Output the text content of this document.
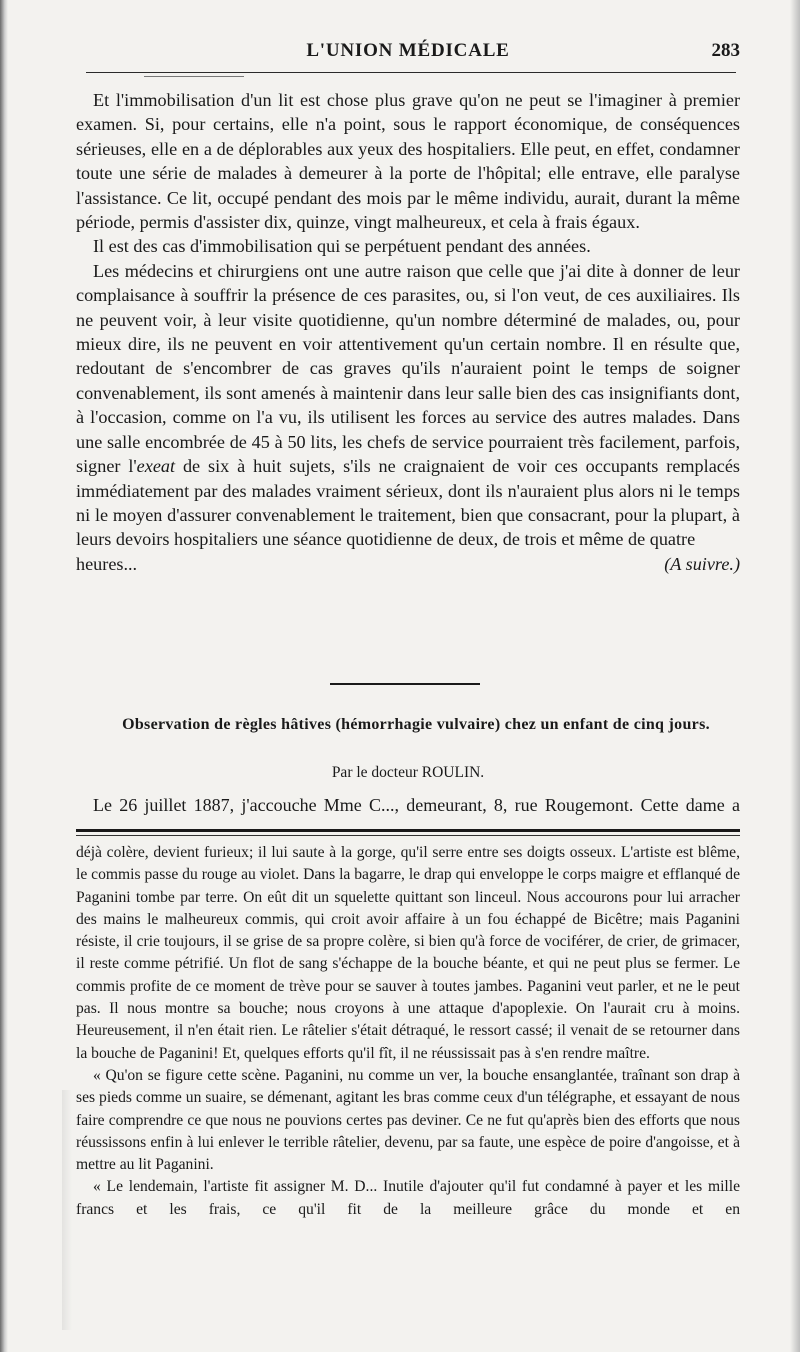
L'UNION MÉDICALE	283

Et l'immobilisation d'un lit est chose plus grave qu'on ne peut se l'imaginer à premier examen. Si, pour certains, elle n'a point, sous le rapport économique, de conséquences sérieuses, elle en a de déplorables aux yeux des hospitaliers. Elle peut, en effet, condamner toute une série de malades à demeurer à la porte de l'hôpital; elle entrave, elle paralyse l'assistance. Ce lit, occupé pendant des mois par le même individu, aurait, durant la même période, permis d'assister dix, quinze, vingt malheureux, et cela à frais égaux.

Il est des cas d'immobilisation qui se perpétuent pendant des années.

Les médecins et chirurgiens ont une autre raison que celle que j'ai dite à donner de leur complaisance à souffrir la présence de ces parasites, ou, si l'on veut, de ces auxiliaires. Ils ne peuvent voir, à leur visite quotidienne, qu'un nombre déterminé de malades, ou, pour mieux dire, ils ne peuvent en voir attentivement qu'un certain nombre. Il en résulte que, redoutant de s'encombrer de cas graves qu'ils n'auraient point le temps de soigner convenablement, ils sont amenés à maintenir dans leur salle bien des cas insignifiants dont, à l'occasion, comme on l'a vu, ils utilisent les forces au service des autres malades. Dans une salle encombrée de 45 à 50 lits, les chefs de service pourraient très facilement, parfois, signer l'exeat de six à huit sujets, s'ils ne craignaient de voir ces occupants remplacés immédiatement par des malades vraiment sérieux, dont ils n'auraient plus alors ni le temps ni le moyen d'assurer convenablement le traitement, bien que consacrant, pour la plupart, à leurs devoirs hospitaliers une séance quotidienne de deux, de trois et même de quatre

heures...	(A suivre.)

Observation de règles hâtives (hémorrhagie vulvaire) chez un enfant de cinq jours.
Par le docteur ROULIN.
Le 26 juillet 1887, j'accouche Mme C..., demeurant, 8, rue Rougemont. Cette dame a

déjà colère, devient furieux; il lui saute à la gorge, qu'il serre entre ses doigts osseux. L'artiste est blême, le commis passe du rouge au violet. Dans la bagarre, le drap qui enveloppe le corps maigre et efflanqué de Paganini tombe par terre. On eût dit un squelette quittant son linceul. Nous accourons pour lui arracher des mains le malheureux commis, qui croit avoir affaire à un fou échappé de Bicêtre; mais Paganini résiste, il crie toujours, il se grise de sa propre colère, si bien qu'à force de vociférer, de crier, de grimacer, il reste comme pétrifié. Un flot de sang s'échappe de la bouche béante, et qui ne peut plus se fermer. Le commis profite de ce moment de trève pour se sauver à toutes jambes. Paganini veut parler, et ne le peut pas. Il nous montre sa bouche; nous croyons à une attaque d'apoplexie. On l'aurait cru à moins. Heureusement, il n'en était rien. Le râtelier s'était détraqué, le ressort cassé; il venait de se retourner dans la bouche de Paganini! Et, quelques efforts qu'il fît, il ne réussissait pas à s'en rendre maître.

« Qu'on se figure cette scène. Paganini, nu comme un ver, la bouche ensanglantée, traînant son drap à ses pieds comme un suaire, se démenant, agitant les bras comme ceux d'un télégraphe, et essayant de nous faire comprendre ce que nous ne pouvions certes pas deviner. Ce ne fut qu'après bien des efforts que nous réussissons enfin à lui enlever le terrible râtelier, devenu, par sa faute, une espèce de poire d'angoisse, et à mettre au lit Paganini.

« Le lendemain, l'artiste fit assigner M. D... Inutile d'ajouter qu'il fut condamné à payer et les mille francs et les frais, ce qu'il fit de la meilleure grâce du monde et en
